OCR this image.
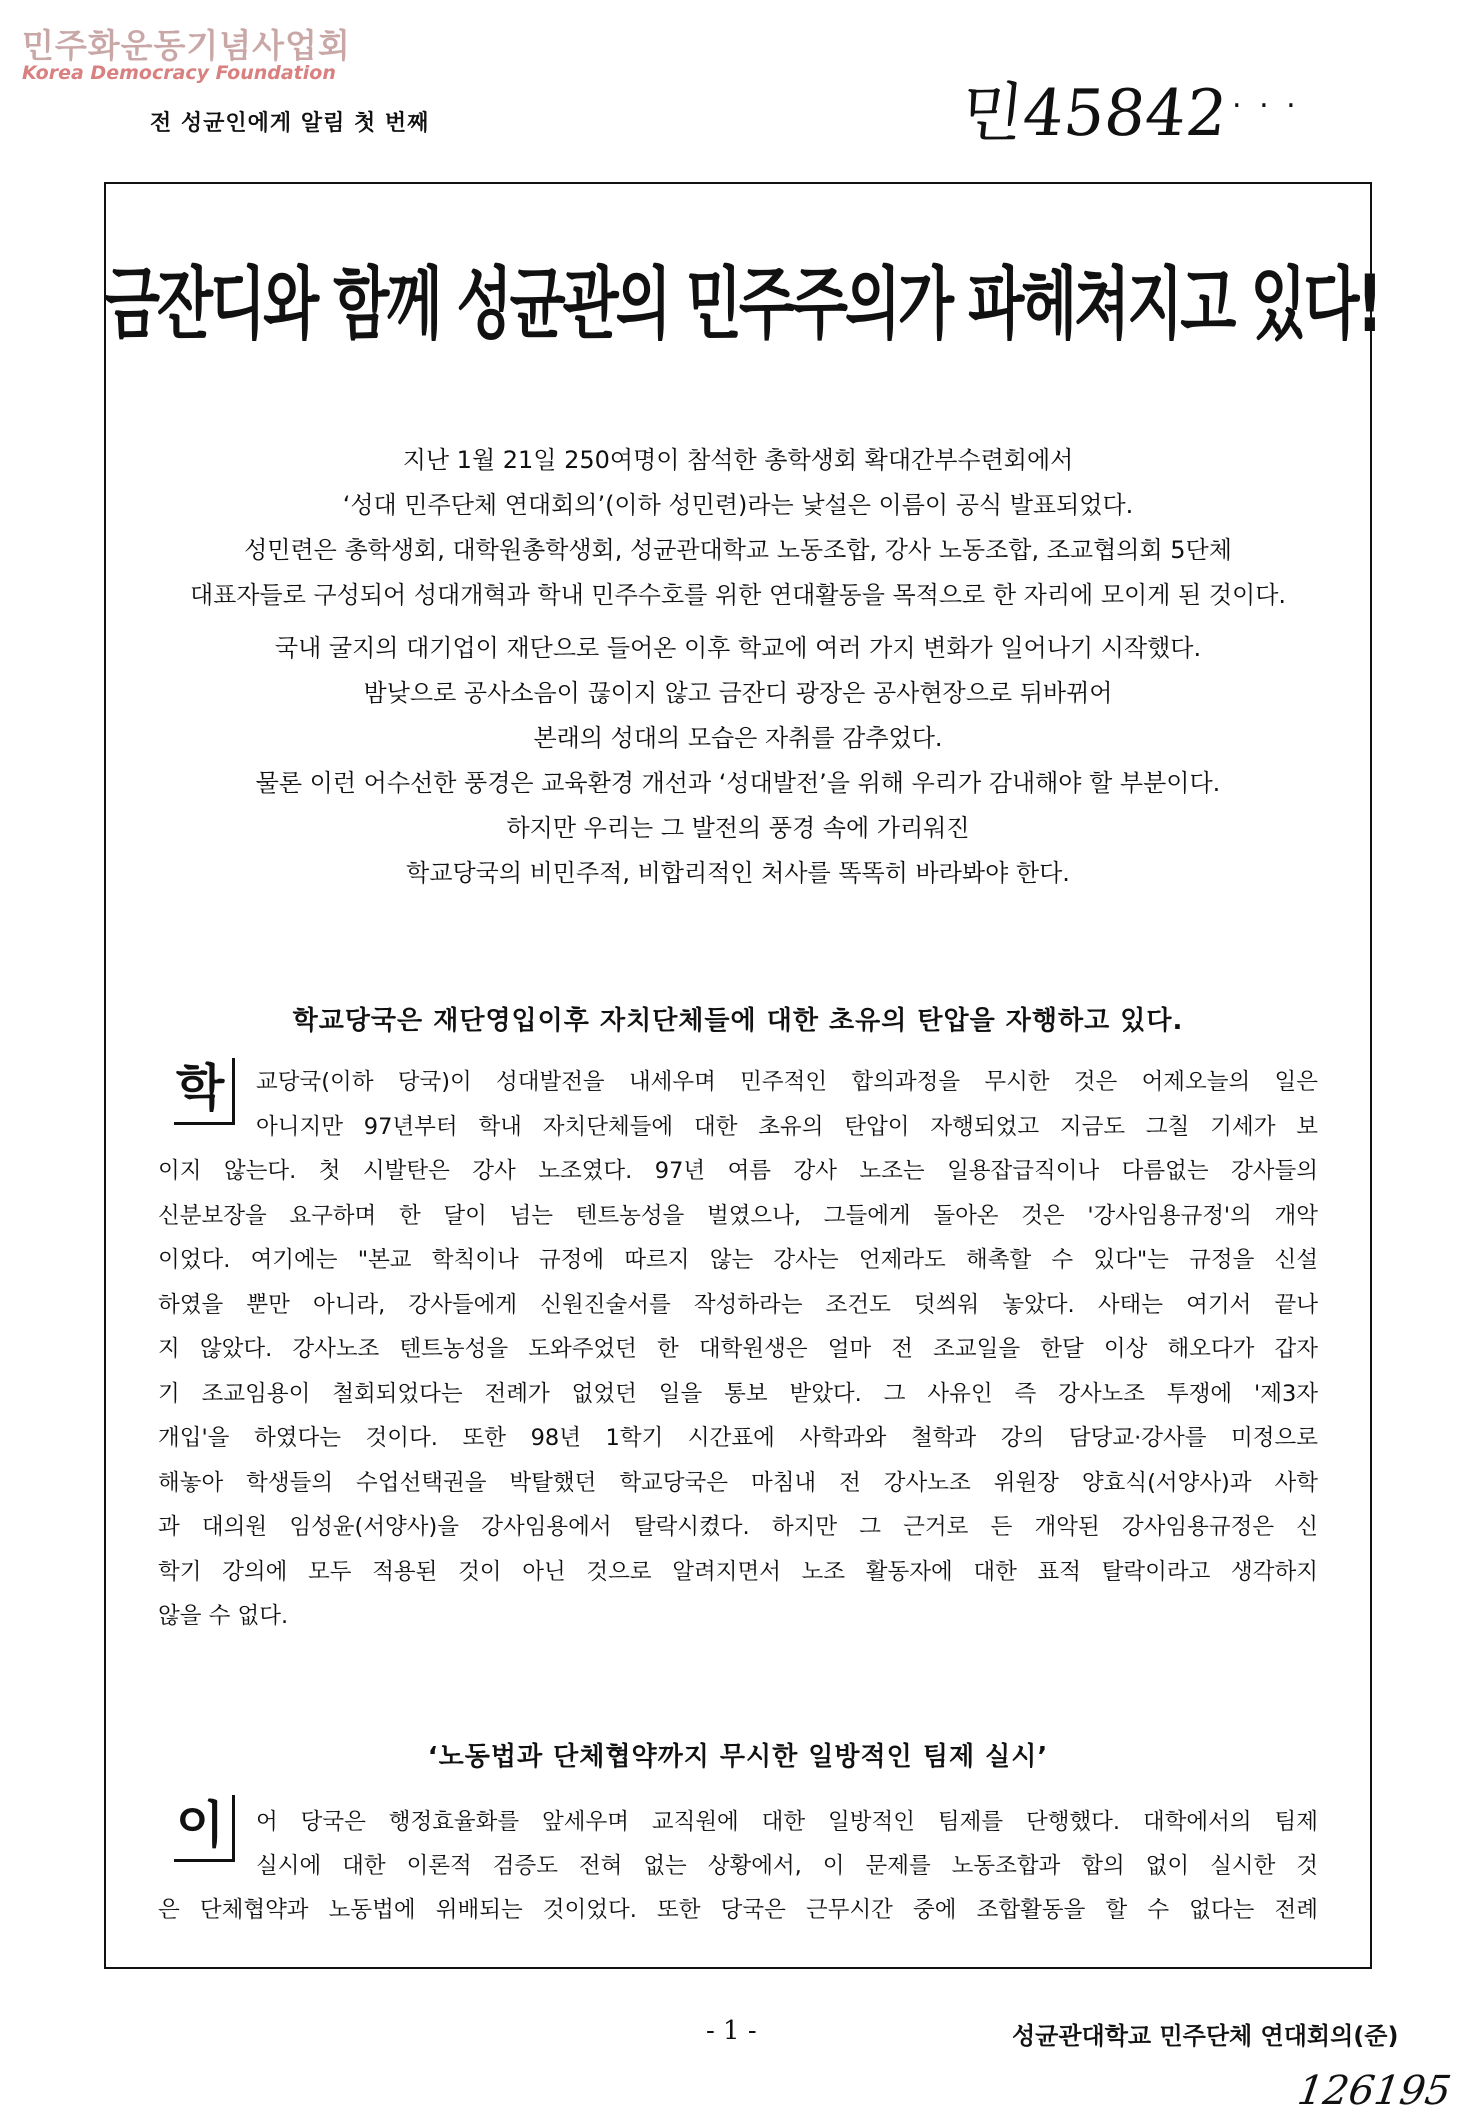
민주화운동기념사업회
Korea Democracy Foundation
전 성균인에게 알림 첫 번째	민45842 . . .
금잔디와 함께 성균관의 민주주의가 파헤쳐지고 있다!
지난 1월 21일 250여명이 참석한 총학생회 확대간부수련회에서
‘성대 민주단체 연대회의’(이하 성민련)라는 낯설은 이름이 공식 발표되었다.
성민련은 총학생회, 대학원총학생회, 성균관대학교 노동조합, 강사 노동조합, 조교협의회 5단체
대표자들로 구성되어 성대개혁과 학내 민주수호를 위한 연대활동을 목적으로 한 자리에 모이게 된 것이다.
국내 굴지의 대기업이 재단으로 들어온 이후 학교에 여러 가지 변화가 일어나기 시작했다.
밤낮으로 공사소음이 끊이지 않고 금잔디 광장은 공사현장으로 뒤바뀌어
본래의 성대의 모습은 자취를 감추었다.
물론 이런 어수선한 풍경은 교육환경 개선과 ‘성대발전’을 위해 우리가 감내해야 할 부분이다.
하지만 우리는 그 발전의 풍경 속에 가리워진
학교당국의 비민주적, 비합리적인 처사를 똑똑히 바라봐야 한다.
학교당국은 재단영입이후 자치단체들에 대한 초유의 탄압을 자행하고 있다.
학	교당국(이하 당국)이 성대발전을 내세우며 민주적인 합의과정을 무시한 것은 어제오늘의 일은
아니지만 97년부터 학내 자치단체들에 대한 초유의 탄압이 자행되었고 지금도 그칠 기세가 보
이지 않는다. 첫 시발탄은 강사 노조였다. 97년 여름 강사 노조는 일용잡급직이나 다름없는 강사들의
신분보장을 요구하며 한 달이 넘는 텐트농성을 벌였으나, 그들에게 돌아온 것은 '강사임용규정'의 개악
이었다. 여기에는 "본교 학칙이나 규정에 따르지 않는 강사는 언제라도 해촉할 수 있다"는 규정을 신설
하였을 뿐만 아니라, 강사들에게 신원진술서를 작성하라는 조건도 덧씌워 놓았다. 사태는 여기서 끝나
지 않았다. 강사노조 텐트농성을 도와주었던 한 대학원생은 얼마 전 조교일을 한달 이상 해오다가 갑자
기 조교임용이 철회되었다는 전례가 없었던 일을 통보 받았다. 그 사유인 즉 강사노조 투쟁에 '제3자
개입'을 하였다는 것이다. 또한 98년 1학기 시간표에 사학과와 철학과 강의 담당교·강사를 미정으로
해놓아 학생들의 수업선택권을 박탈했던 학교당국은 마침내 전 강사노조 위원장 양효식(서양사)과 사학
과 대의원 임성윤(서양사)을 강사임용에서 탈락시켰다. 하지만 그 근거로 든 개악된 강사임용규정은 신
학기 강의에 모두 적용된 것이 아닌 것으로 알려지면서 노조 활동자에 대한 표적 탈락이라고 생각하지
않을 수 없다.
‘노동법과 단체협약까지 무시한 일방적인 팀제 실시’
이	어 당국은 행정효율화를 앞세우며 교직원에 대한 일방적인 팀제를 단행했다. 대학에서의 팀제
실시에 대한 이론적 검증도 전혀 없는 상황에서, 이 문제를 노동조합과 합의 없이 실시한 것
은 단체협약과 노동법에 위배되는 것이었다. 또한 당국은 근무시간 중에 조합활동을 할 수 없다는 전례
- 1 -	성균관대학교 민주단체 연대회의(준)
126195
